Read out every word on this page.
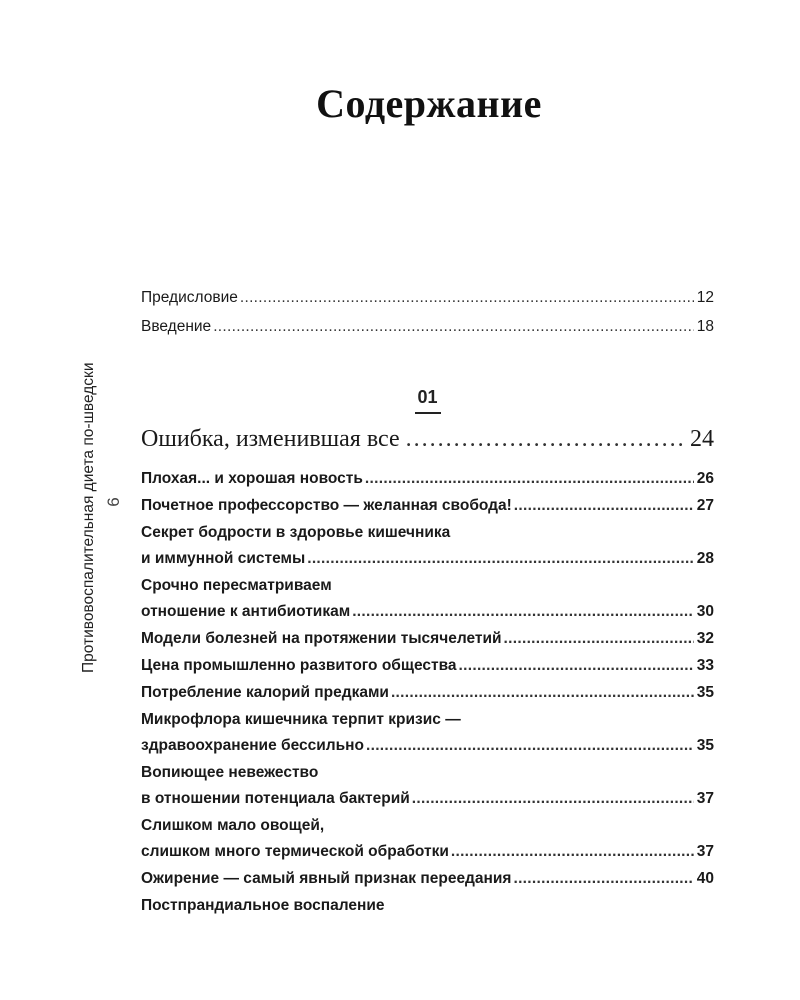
Содержание
Противовоспалительная диета по-шведски 6
Предисловие .....	12
Введение .....	18
01
Ошибка, изменившая все .....	24
Плохая... и хорошая новость .....	26
Почетное профессорство — желанная свобода! .....	27
Секрет бодрости в здоровье кишечника
и иммунной системы .....	28
Срочно пересматриваем
отношение к антибиотикам .....	30
Модели болезней на протяжении тысячелетий .....	32
Цена промышленно развитого общества .....	33
Потребление калорий предками .....	35
Микрофлора кишечника терпит кризис —
здравоохранение бессильно .....	35
Вопиющее невежество
в отношении потенциала бактерий .....	37
Слишком мало овощей,
слишком много термической обработки .....	37
Ожирение — самый явный признак переедания .....	40
Постпрандиальное воспаление
